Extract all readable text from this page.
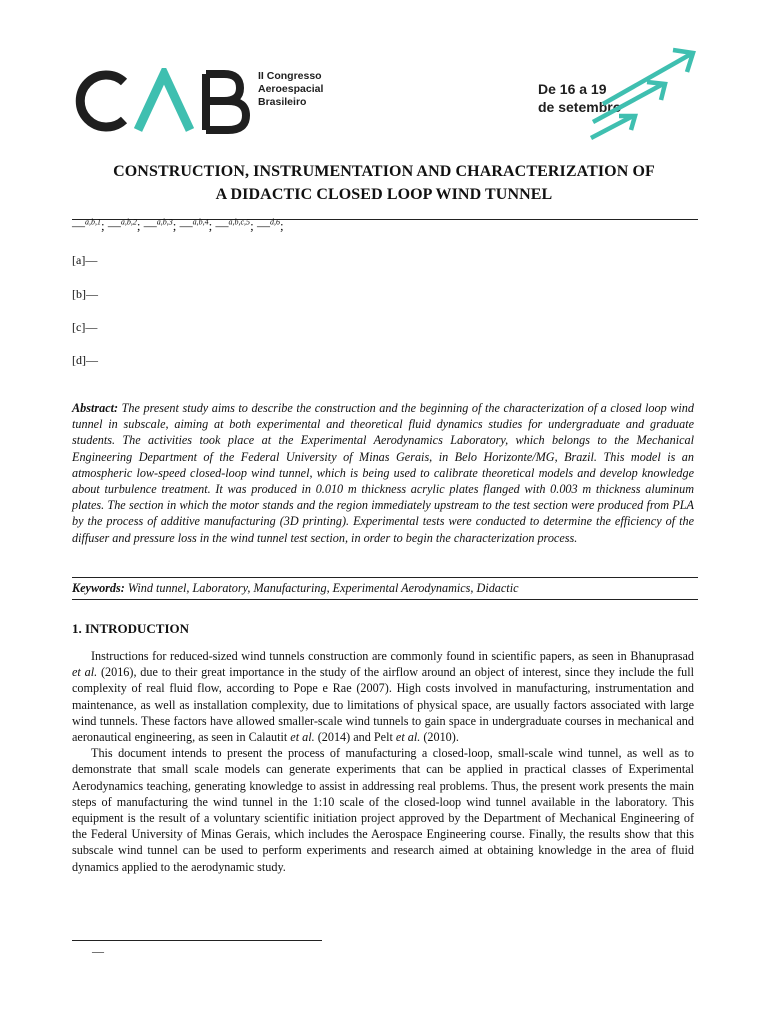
II Congresso
Aeroespacial
Brasileiro
De 16 a 19
de setembro
CONSTRUCTION, INSTRUMENTATION AND CHARACTERIZATION OF
A DIDACTIC CLOSED LOOP WIND TUNNEL
—$^{a,b,1}$; —$^{a,b,2}$; —$^{a,b,3}$; —$^{a,b,4}$; —$^{a,b,c,5}$; —$^{d,6}$;
[a]—
[b]—
[c]—
[d]—
Abstract: The present study aims to describe the construction and the beginning of the characterization of a closed loop wind tunnel in subscale, aiming at both experimental and theoretical fluid dynamics studies for undergraduate and graduate students. The activities took place at the Experimental Aerodynamics Laboratory, which belongs to the Mechanical Engineering Department of the Federal University of Minas Gerais, in Belo Horizonte/MG, Brazil. This model is an atmospheric low-speed closed-loop wind tunnel, which is being used to calibrate theoretical models and develop knowledge about turbulence treatment. It was produced in 0.010 m thickness acrylic plates flanged with 0.003 m thickness aluminum plates. The section in which the motor stands and the region immediately upstream to the test section were produced from PLA by the process of additive manufacturing (3D printing). Experimental tests were conducted to determine the efficiency of the diffuser and pressure loss in the wind tunnel test section, in order to begin the characterization process.
Keywords: Wind tunnel, Laboratory, Manufacturing, Experimental Aerodynamics, Didactic
1. INTRODUCTION

Instructions for reduced-sized wind tunnels construction are commonly found in scientific papers, as seen in Bhanuprasad et al. (2016), due to their great importance in the study of the airflow around an object of interest, since they include the full complexity of real fluid flow, according to Pope e Rae (2007). High costs involved in manufacturing, instrumentation and maintenance, as well as installation complexity, due to limitations of physical space, are usually factors associated with large wind tunnels. These factors have allowed smaller-scale wind tunnels to gain space in undergraduate courses in mechanical and aeronautical engineering, as seen in Calautit et al. (2014) and Pelt et al. (2010).

This document intends to present the process of manufacturing a closed-loop, small-scale wind tunnel, as well as to demonstrate that small scale models can generate experiments that can be applied in practical classes of Experimental Aerodynamics teaching, generating knowledge to assist in addressing real problems. Thus, the present work presents the main steps of manufacturing the wind tunnel in the 1:10 scale of the closed-loop wind tunnel available in the laboratory. This equipment is the result of a voluntary scientific initiation project approved by the Department of Mechanical Engineering of the Federal University of Minas Gerais, which includes the Aerospace Engineering course. Finally, the results show that this subscale wind tunnel can be used to perform experiments and research aimed at obtaining knowledge in the area of fluid dynamics applied to the aerodynamic study.

—
